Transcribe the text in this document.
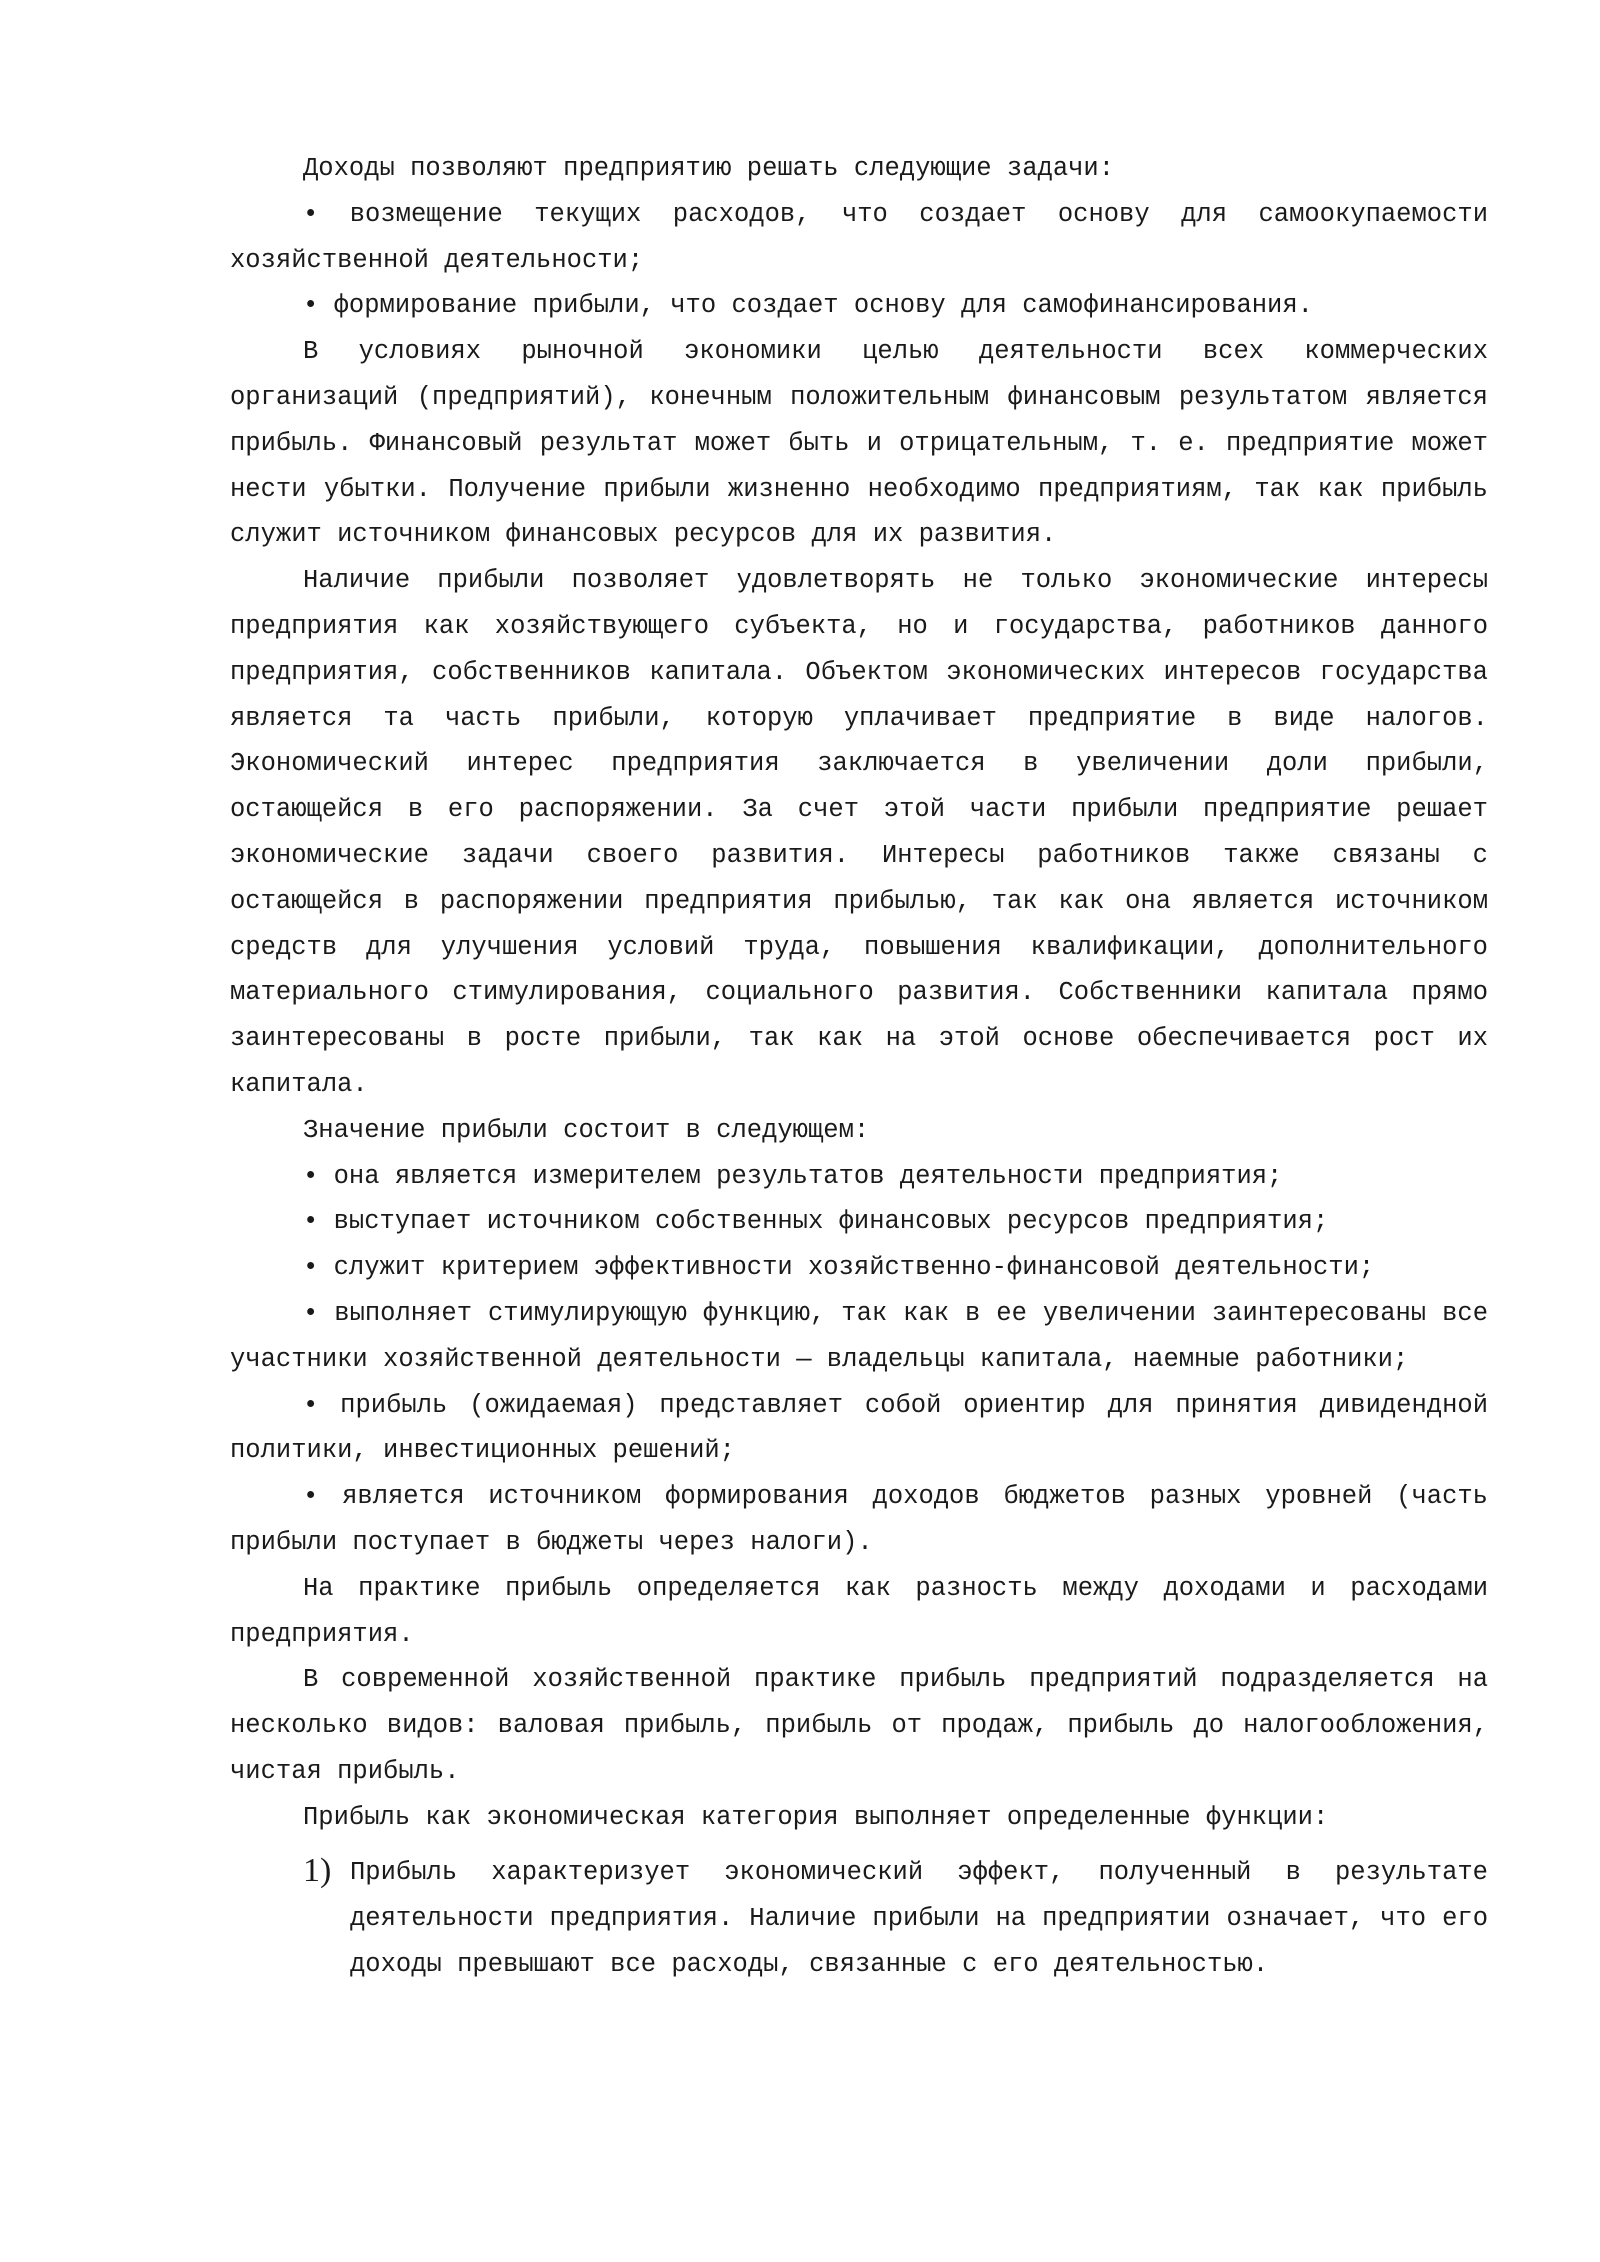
Доходы позволяют предприятию решать следующие задачи:

• возмещение текущих расходов, что создает основу для самоокупаемости хозяйственной деятельности;

• формирование прибыли, что создает основу для самофинансирования.

В условиях рыночной экономики целью деятельности всех коммерческих организаций (предприятий), конечным положительным финансовым результатом является прибыль. Финансовый результат может быть и отрицательным, т. е. предприятие может нести убытки. Получение прибыли жизненно необходимо предприятиям, так как прибыль служит источником финансовых ресурсов для их развития.

Наличие прибыли позволяет удовлетворять не только экономические интересы предприятия как хозяйствующего субъекта, но и государства, работников данного предприятия, собственников капитала. Объектом экономических интересов государства является та часть прибыли, которую уплачивает предприятие в виде налогов. Экономический интерес предприятия заключается в увеличении доли прибыли, остающейся в его распоряжении. За счет этой части прибыли предприятие решает экономические задачи своего развития. Интересы работников также связаны с остающейся в распоряжении предприятия прибылью, так как она является источником средств для улучшения условий труда, повышения квалификации, дополнительного материального стимулирования, социального развития. Собственники капитала прямо заинтересованы в росте прибыли, так как на этой основе обеспечивается рост их капитала.

Значение прибыли состоит в следующем:

• она является измерителем результатов деятельности предприятия;

• выступает источником собственных финансовых ресурсов предприятия;

• служит критерием эффективности хозяйственно-финансовой деятельности;

• выполняет стимулирующую функцию, так как в ее увеличении заинтересованы все участники хозяйственной деятельности — владельцы капитала, наемные работники;

• прибыль (ожидаемая) представляет собой ориентир для принятия дивидендной политики, инвестиционных решений;

• является источником формирования доходов бюджетов разных уровней (часть прибыли поступает в бюджеты через налоги).

На практике прибыль определяется как разность между доходами и расходами предприятия.

В современной хозяйственной практике прибыль предприятий подразделяется на несколько видов: валовая прибыль, прибыль от продаж, прибыль до налогообложения, чистая прибыль.

Прибыль как экономическая категория выполняет определенные функции:

1) Прибыль характеризует экономический эффект, полученный в результате деятельности предприятия. Наличие прибыли на предприятии означает, что его доходы превышают все расходы, связанные с его деятельностью.
